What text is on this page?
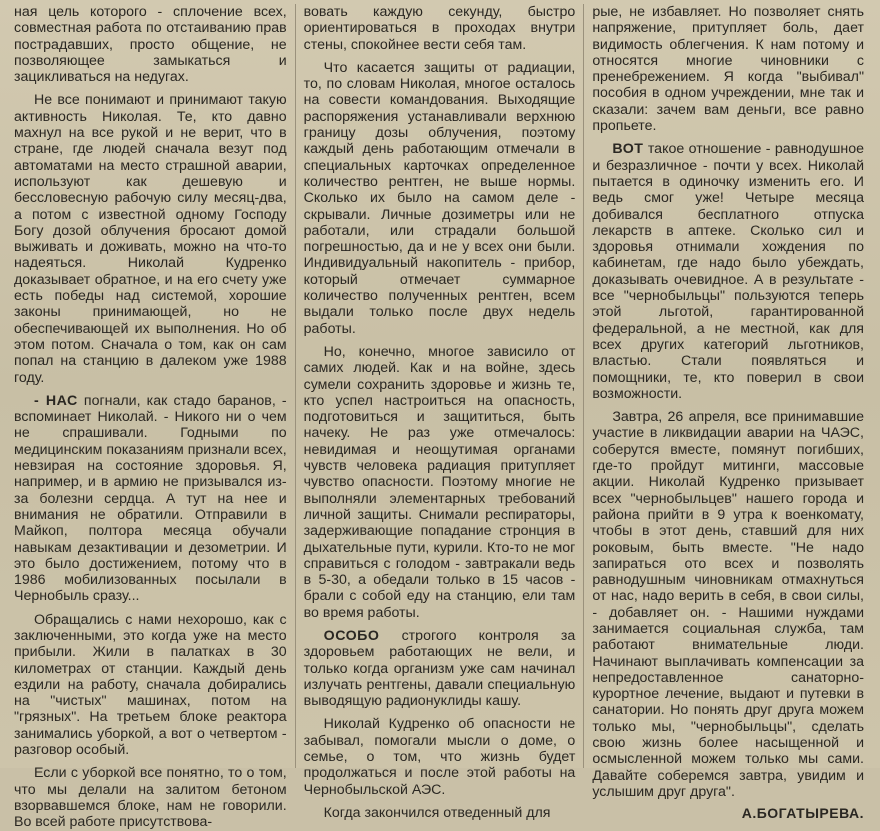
ная цель которого - сплочение всех, совместная работа по отстаиванию прав пострадавших, просто общение, не позволяющее замыкаться и зацикливаться на недугах.

Не все понимают и принимают такую активность Николая. Те, кто давно махнул на все рукой и не верит, что в стране, где людей сначала везут под автоматами на место страшной аварии, используют как дешевую и бессловесную рабочую силу месяц-два, а потом с известной одному Господу Богу дозой облучения бросают домой выживать и доживать, можно на что-то надеяться. Николай Кудренко доказывает обратное, и на его счету уже есть победы над системой, хорошие законы принимающей, но не обеспечивающей их выполнения. Но об этом потом. Сначала о том, как он сам попал на станцию в далеком уже 1988 году.

- НАС погнали, как стадо баранов, - вспоминает Николай. - Никого ни о чем не спрашивали. Годными по медицинским показаниям признали всех, невзирая на состояние здоровья. Я, например, и в армию не призывался из-за болезни сердца. А тут на нее и внимания не обратили. Отправили в Майкоп, полтора месяца обучали навыкам дезактивации и дезометрии. И это было достижением, потому что в 1986 мобилизованных посылали в Чернобыль сразу...

Обращались с нами нехорошо, как с заключенными, это когда уже на место прибыли. Жили в палатках в 30 километрах от станции. Каждый день ездили на работу, сначала добирались на "чистых" машинах, потом на "грязных". На третьем блоке реактора занимались уборкой, а вот о четвертом - разговор особый.

Если с уборкой все понятно, то о том, что мы делали на залитом бетоном взорвавшемся блоке, нам не говорили. Во всей работе присутствова-

вовать каждую секунду, быстро ориентироваться в проходах внутри стены, спокойнее вести себя там.

Что касается защиты от радиации, то, по словам Николая, многое осталось на совести командования. Выходящие распоряжения устанавливали верхнюю границу дозы облучения, поэтому каждый день работающим отмечали в специальных карточках определенное количество рентген, не выше нормы. Сколько их было на самом деле - скрывали. Личные дозиметры или не работали, или страдали большой погрешностью, да и не у всех они были. Индивидуальный накопитель - прибор, который отмечает суммарное количество полученных рентген, всем выдали только после двух недель работы.

Но, конечно, многое зависило от самих людей. Как и на войне, здесь сумели сохранить здоровье и жизнь те, кто успел настроиться на опасность, подготовиться и защититься, быть начеку. Не раз уже отмечалось: невидимая и неощутимая органами чувств человека радиация притупляет чувство опасности. Поэтому многие не выполняли элементарных требований личной защиты. Снимали респираторы, задерживающие попадание стронция в дыхательные пути, курили. Кто-то не мог справиться с голодом - завтракали ведь в 5-30, а обедали только в 15 часов - брали с собой еду на станцию, ели там во время работы.

ОСОБО строгого контроля за здоровьем работающих не вели, и только когда организм уже сам начинал излучать рентгены, давали специальную выводящую радионуклиды кашу.

Николай Кудренко об опасности не забывал, помогали мысли о доме, о семье, о том, что жизнь будет продолжаться и после этой работы на Чернобыльской АЭС.

Когда закончился отведенный для

рые, не избавляет. Но позволяет снять напряжение, притупляет боль, дает видимость облегчения. К нам потому и относятся многие чиновники с пренебрежением. Я когда "выбивал" пособия в одном учреждении, мне так и сказали: зачем вам деньги, все равно пропьете.

ВОТ такое отношение - равнодушное и безразличное - почти у всех. Николай пытается в одиночку изменить его. И ведь смог уже! Четыре месяца добивался бесплатного отпуска лекарств в аптеке. Сколько сил и здоровья отнимали хождения по кабинетам, где надо было убеждать, доказывать очевидное. А в результате - все "чернобыльцы" пользуются теперь этой льготой, гарантированной федеральной, а не местной, как для всех других категорий льготников, властью. Стали появляться и помощники, те, кто поверил в свои возможности.

Завтра, 26 апреля, все принимавшие участие в ликвидации аварии на ЧАЭС, соберутся вместе, помянут погибших, где-то пройдут митинги, массовые акции. Николай Кудренко призывает всех "чернобыльцев" нашего города и района прийти в 9 утра к военкомату, чтобы в этот день, ставший для них роковым, быть вместе. "Не надо запираться ото всех и позволять равнодушным чиновникам отмахнуться от нас, надо верить в себя, в свои силы, - добавляет он. - Нашими нуждами занимается социальная служба, там работают внимательные люди. Начинают выплачивать компенсации за непредоставленное санаторно-курортное лечение, выдают и путевки в санатории. Но понять друг друга можем только мы, "чернобыльцы", сделать свою жизнь более насыщенной и осмысленной можем только мы сами. Давайте соберемся завтра, увидим и услышим друг друга".

А.БОГАТЫРЕВА.
